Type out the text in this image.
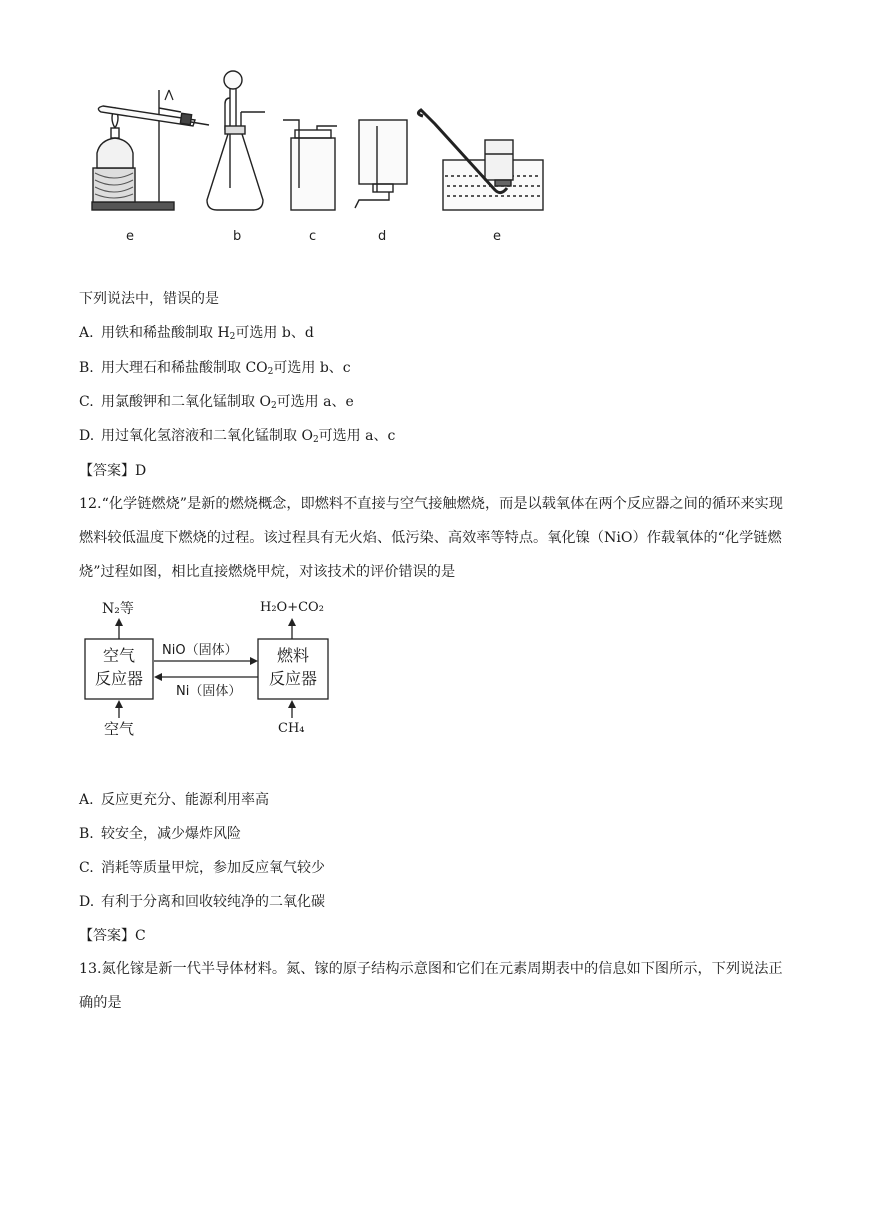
e	b	c	d	e
下列说法中，错误的是
A. 用铁和稀盐酸制取 $H_2$可选用 b、d
B. 用大理石和稀盐酸制取 $CO_2$可选用 b、c
C. 用氯酸钾和二氧化锰制取 $O_2$可选用 a、e
D. 用过氧化氢溶液和二氧化锰制取 $O_2$可选用 a、c
【答案】D
12.“化学链燃烧”是新的燃烧概念，即燃料不直接与空气接触燃烧，而是以载氧体在两个反应器之间的循环来实现燃料较低温度下燃烧的过程。该过程具有无火焰、低污染、高效率等特点。氧化镍（NiO）作载氧体的“化学链燃烧”过程如图，相比直接燃烧甲烷，对该技术的评价错误的是
空气
反应器
燃料
反应器
N₂等	H₂O+CO₂
空气	CH₄
NiO（固体）
Ni（固体）
A. 反应更充分、能源利用率高
B. 较安全，减少爆炸风险
C. 消耗等质量甲烷，参加反应氧气较少
D. 有利于分离和回收较纯净的二氧化碳
【答案】C
13.氮化镓是新一代半导体材料。氮、镓的原子结构示意图和它们在元素周期表中的信息如下图所示，下列说法正确的是
